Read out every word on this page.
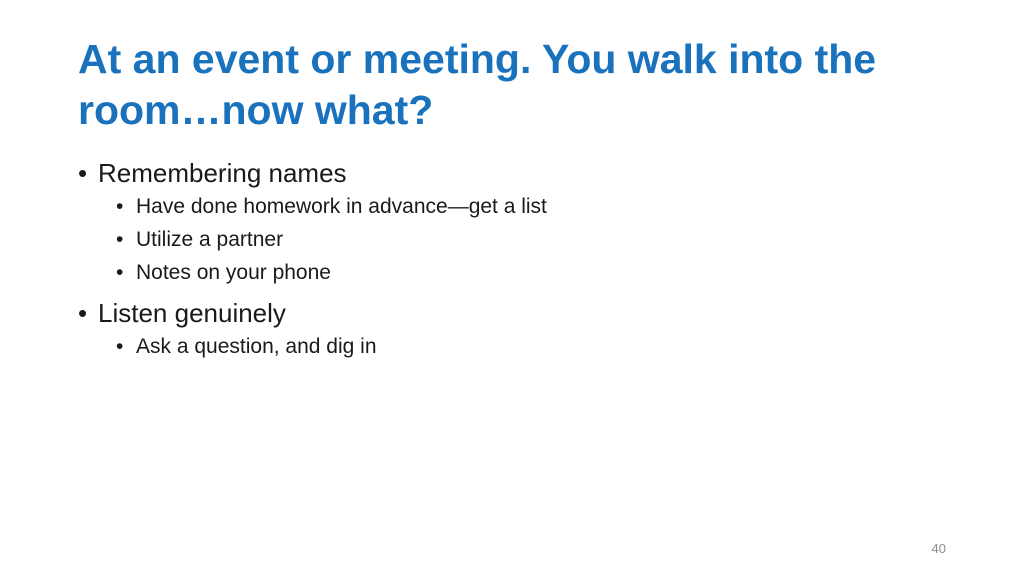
At an event or meeting. You walk into the
room…now what?
• Remembering names
• Have done homework in advance—get a list
• Utilize a partner
• Notes on your phone
• Listen genuinely
• Ask a question, and dig in
40
